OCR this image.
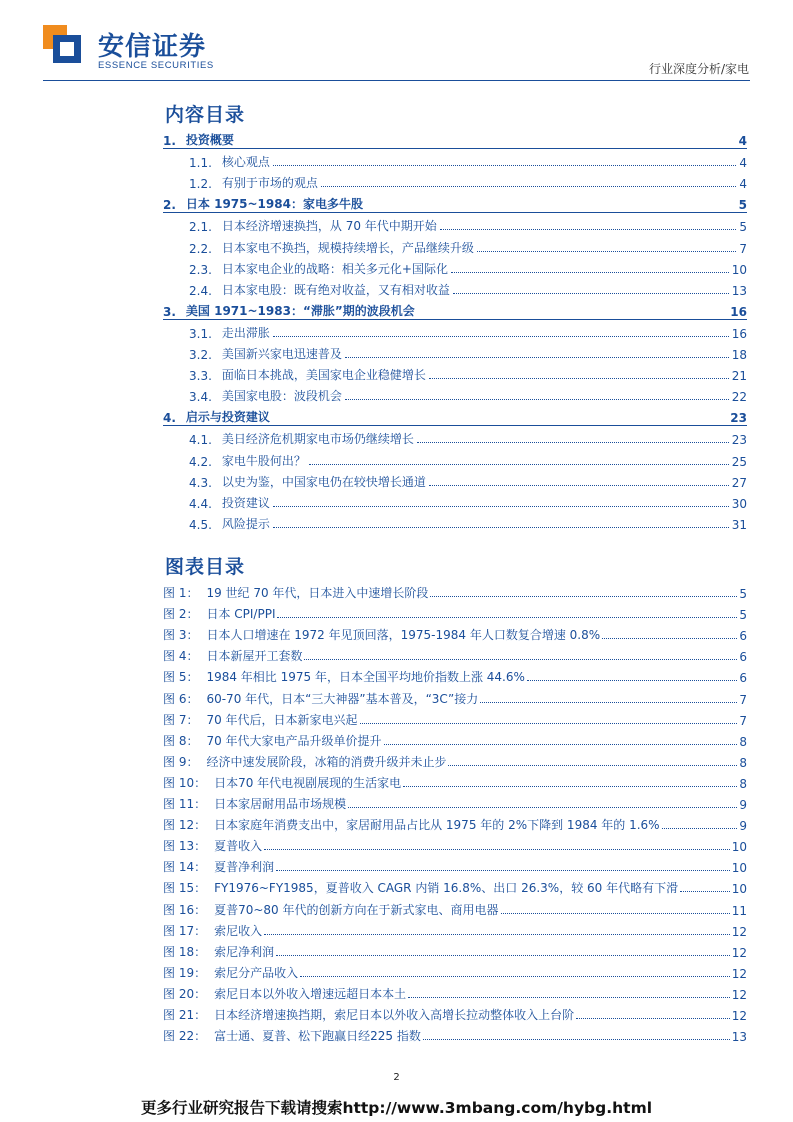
安信证券
ESSENCE SECURITIES	行业深度分析/家电
内容目录
1. 投资概要	4
1.1. 核心观点	4
1.2. 有别于市场的观点	4
2. 日本 1975~1984：家电多牛股	5
2.1. 日本经济增速换挡，从 70 年代中期开始	5
2.2. 日本家电不换挡，规模持续增长，产品继续升级	7
2.3. 日本家电企业的战略：相关多元化+国际化	10
2.4. 日本家电股：既有绝对收益，又有相对收益	13
3. 美国 1971~1983：“滞胀”期的波段机会	16
3.1. 走出滞胀	16
3.2. 美国新兴家电迅速普及	18
3.3. 面临日本挑战，美国家电企业稳健增长	21
3.4. 美国家电股：波段机会	22
4. 启示与投资建议	23
4.1. 美日经济危机期家电市场仍继续增长	23
4.2. 家电牛股何出？	25
4.3. 以史为鉴，中国家电仍在较快增长通道	27
4.4. 投资建议	30
4.5. 风险提示	31
图表目录
图 1： 19 世纪 70 年代，日本进入中速增长阶段	5
图 2： 日本 CPI/PPI	5
图 3： 日本人口增速在 1972 年见顶回落，1975-1984 年人口数复合增速 0.8%	6
图 4： 日本新屋开工套数	6
图 5： 1984 年相比 1975 年，日本全国平均地价指数上涨 44.6%	6
图 6： 60-70 年代，日本“三大神器”基本普及，“3C”接力	7
图 7： 70 年代后，日本新家电兴起	7
图 8： 70 年代大家电产品升级单价提升	8
图 9： 经济中速发展阶段，冰箱的消费升级并未止步	8
图 10： 日本70 年代电视剧展现的生活家电	8
图 11： 日本家居耐用品市场规模	9
图 12： 日本家庭年消费支出中，家居耐用品占比从 1975 年的 2%下降到 1984 年的 1.6%	9
图 13： 夏普收入	10
图 14： 夏普净利润	10
图 15： FY1976~FY1985，夏普收入 CAGR 内销 16.8%、出口 26.3%，较 60 年代略有下滑	10
图 16： 夏普70~80 年代的创新方向在于新式家电、商用电器	11
图 17： 索尼收入	12
图 18： 索尼净利润	12
图 19： 索尼分产品收入	12
图 20： 索尼日本以外收入增速远超日本本土	12
图 21： 日本经济增速换挡期，索尼日本以外收入高增长拉动整体收入上台阶	12
图 22： 富士通、夏普、松下跑赢日经225 指数	13
2
更多行业研究报告下载请搜索http://www.3mbang.com/hybg.html
